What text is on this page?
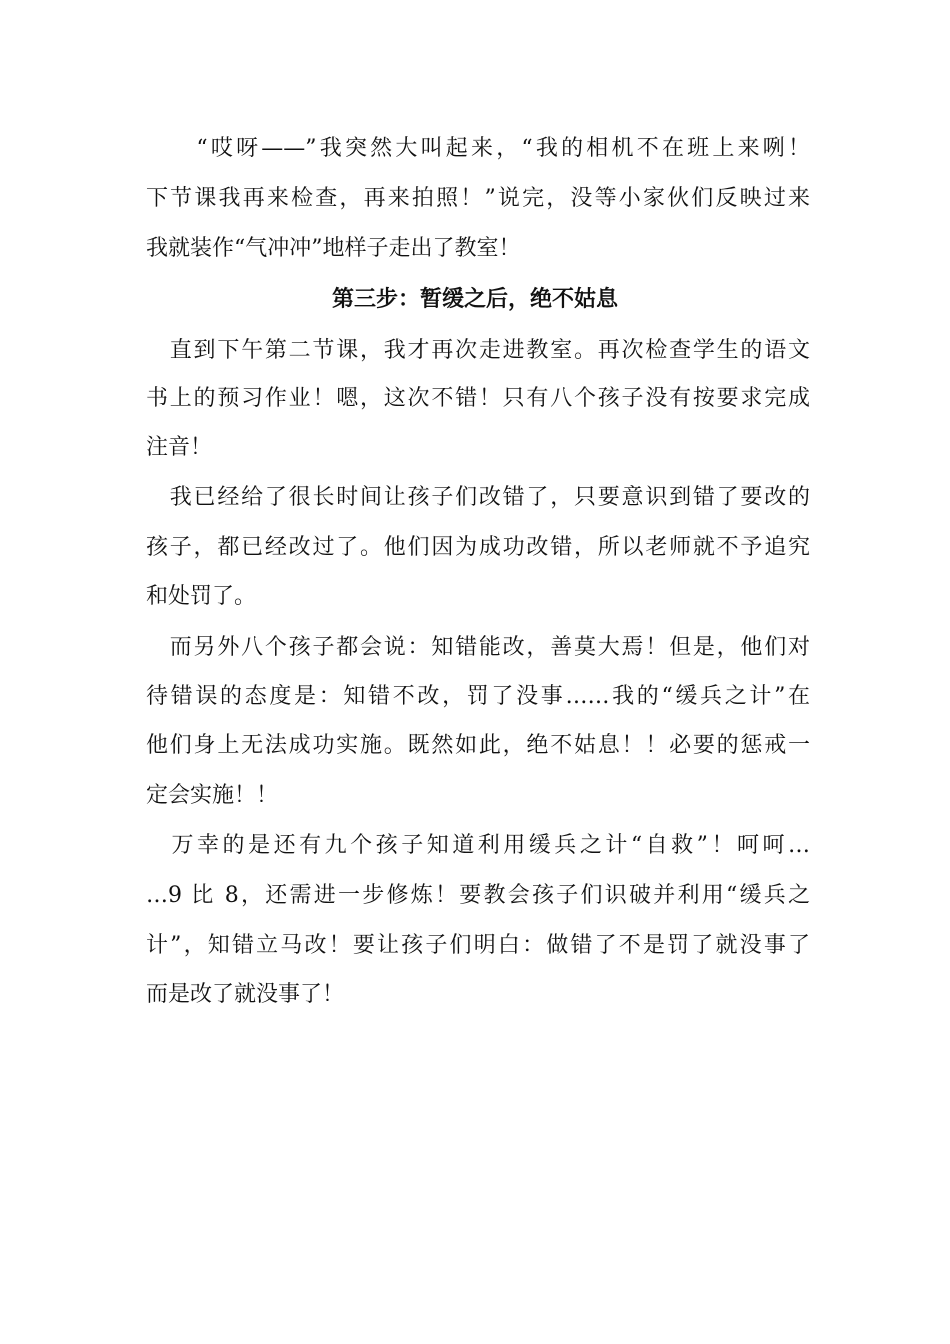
　　“哎呀——”我突然大叫起来，“我的相机不在班上来咧！
下节课我再来检查，再来拍照！”说完，没等小家伙们反映过来
我就装作“气冲冲”地样子走出了教室！
第三步：暂缓之后，绝不姑息
　直到下午第二节课，我才再次走进教室。再次检查学生的语文
书上的预习作业！嗯，这次不错！只有八个孩子没有按要求完成
注音！
　我已经给了很长时间让孩子们改错了，只要意识到错了要改的
孩子，都已经改过了。他们因为成功改错，所以老师就不予追究
和处罚了。
　而另外八个孩子都会说：知错能改，善莫大焉！但是，他们对
待错误的态度是：知错不改，罚了没事……我的“缓兵之计”在
他们身上无法成功实施。既然如此，绝不姑息！！必要的惩戒一
定会实施！！
　万幸的是还有九个孩子知道利用缓兵之计“自救”！呵呵…
…9 比 8，还需进一步修炼！要教会孩子们识破并利用“缓兵之
计”，知错立马改！要让孩子们明白：做错了不是罚了就没事了
而是改了就没事了！
